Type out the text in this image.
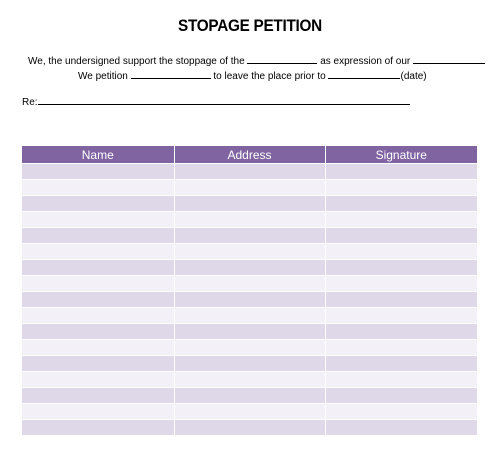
STOPAGE PETITION
We, the undersigned support the stoppage of the	as expression of our
We petition	to leave the place prior to	(date)
Re:
Name	Address	Signature
